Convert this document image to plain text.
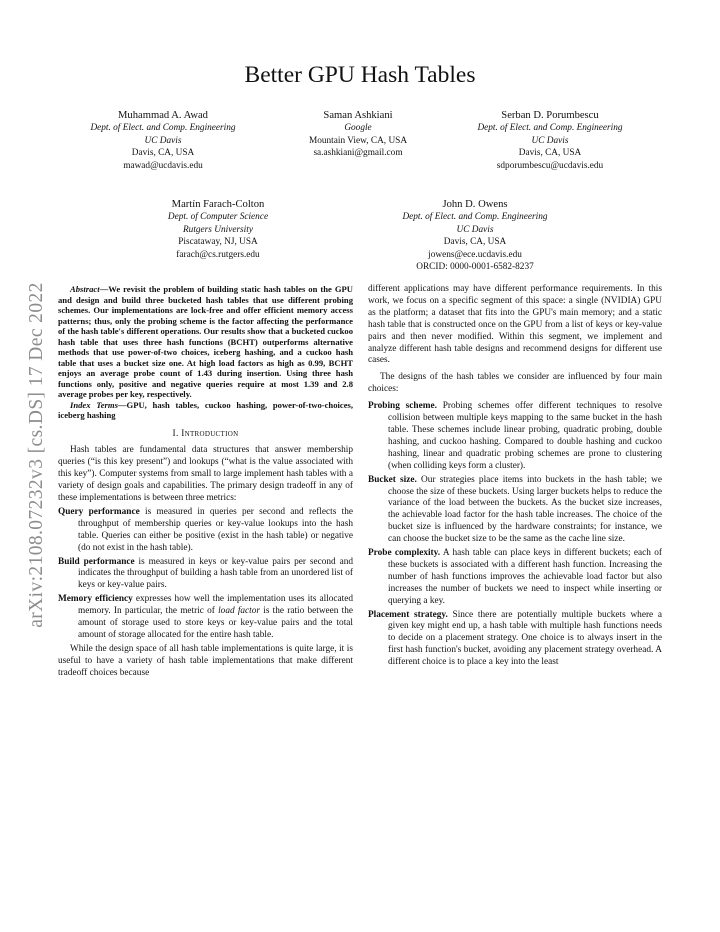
Better GPU Hash Tables
arXiv:2108.07232v3 [cs.DS] 17 Dec 2022
Muhammad A. Awad
Dept. of Elect. and Comp. Engineering
UC Davis
Davis, CA, USA
mawad@ucdavis.edu
Saman Ashkiani
Google
Mountain View, CA, USA
sa.ashkiani@gmail.com
Serban D. Porumbescu
Dept. of Elect. and Comp. Engineering
UC Davis
Davis, CA, USA
sdporumbescu@ucdavis.edu
Martín Farach-Colton
Dept. of Computer Science
Rutgers University
Piscataway, NJ, USA
farach@cs.rutgers.edu
John D. Owens
Dept. of Elect. and Comp. Engineering
UC Davis
Davis, CA, USA
jowens@ece.ucdavis.edu
ORCID: 0000-0001-6582-8237

Abstract—We revisit the problem of building static hash tables on the GPU and design and build three bucketed hash tables that use different probing schemes. Our implementations are lock-free and offer efficient memory access patterns; thus, only the probing scheme is the factor affecting the performance of the hash table's different operations. Our results show that a bucketed cuckoo hash table that uses three hash functions (BCHT) outperforms alternative methods that use power-of-two choices, iceberg hashing, and a cuckoo hash table that uses a bucket size one. At high load factors as high as 0.99, BCHT enjoys an average probe count of 1.43 during insertion. Using three hash functions only, positive and negative queries require at most 1.39 and 2.8 average probes per key, respectively.

Index Terms—GPU, hash tables, cuckoo hashing, power-of-two-choices, iceberg hashing

I. Introduction

Hash tables are fundamental data structures that answer membership queries (“is this key present”) and lookups (“what is the value associated with this key”). Computer systems from small to large implement hash tables with a variety of design goals and capabilities. The primary design tradeoff in any of these implementations is between three metrics:

Query performance is measured in queries per second and reflects the throughput of membership queries or key-value lookups into the hash table. Queries can either be positive (exist in the hash table) or negative (do not exist in the hash table).

Build performance is measured in keys or key-value pairs per second and indicates the throughput of building a hash table from an unordered list of keys or key-value pairs.

Memory efficiency expresses how well the implementation uses its allocated memory. In particular, the metric of load factor is the ratio between the amount of storage used to store keys or key-value pairs and the total amount of storage allocated for the entire hash table.

While the design space of all hash table implementations is quite large, it is useful to have a variety of hash table implementations that make different tradeoff choices because

different applications may have different performance requirements. In this work, we focus on a specific segment of this space: a single (NVIDIA) GPU as the platform; a dataset that fits into the GPU's main memory; and a static hash table that is constructed once on the GPU from a list of keys or key-value pairs and then never modified. Within this segment, we implement and analyze different hash table designs and recommend designs for different use cases.

The designs of the hash tables we consider are influenced by four main choices:

Probing scheme. Probing schemes offer different techniques to resolve collision between multiple keys mapping to the same bucket in the hash table. These schemes include linear probing, quadratic probing, double hashing, and cuckoo hashing. Compared to double hashing and cuckoo hashing, linear and quadratic probing schemes are prone to clustering (when colliding keys form a cluster).

Bucket size. Our strategies place items into buckets in the hash table; we choose the size of these buckets. Using larger buckets helps to reduce the variance of the load between the buckets. As the bucket size increases, the achievable load factor for the hash table increases. The choice of the bucket size is influenced by the hardware constraints; for instance, we can choose the bucket size to be the same as the cache line size.

Probe complexity. A hash table can place keys in different buckets; each of these buckets is associated with a different hash function. Increasing the number of hash functions improves the achievable load factor but also increases the number of buckets we need to inspect while inserting or querying a key.

Placement strategy. Since there are potentially multiple buckets where a given key might end up, a hash table with multiple hash functions needs to decide on a placement strategy. One choice is to always insert in the first hash function's bucket, avoiding any placement strategy overhead. A different choice is to place a key into the least
